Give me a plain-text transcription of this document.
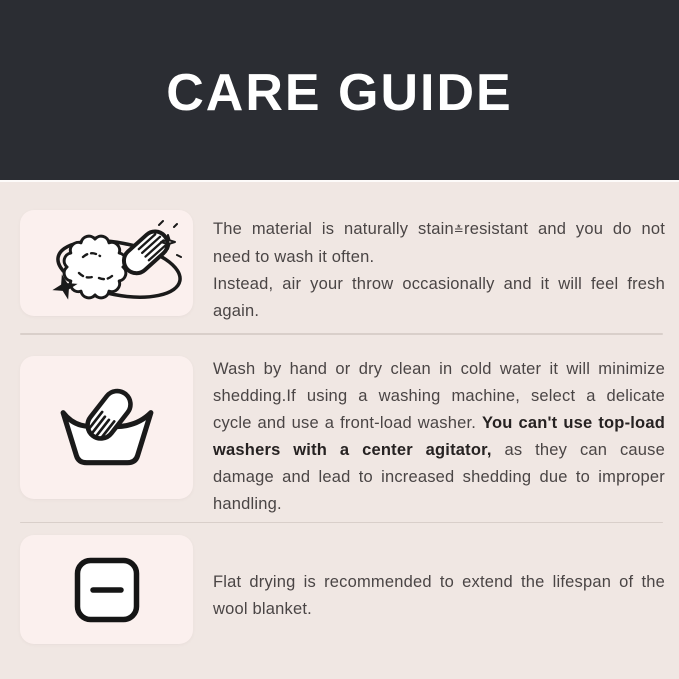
CARE GUIDE

The material is naturally stain≛resistant and you do not need to wash it often.

Instead, air your throw occasionally and it will feel fresh again.

Wash by hand or dry clean in cold water it will minimize shedding.If using a washing machine, select a delicate cycle and use a front-load washer. You can't use top-load washers with a center agitator, as they can cause damage and lead to increased shedding due to improper handling.

Flat drying is recommended to extend the lifespan of the wool blanket.
